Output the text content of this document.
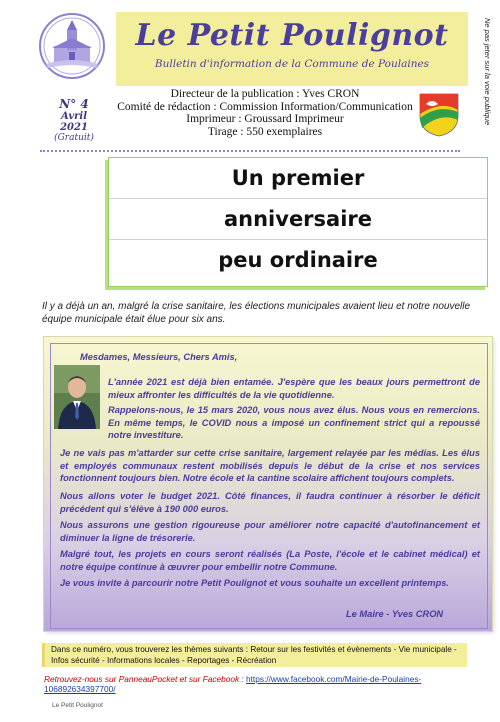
Le Petit Poulignot
Bulletin d'information de la Commune de Poulaines	Ne pas jeter sur la voie publique
N° 4
Avril 2021
(Gratuit)
Directeur de la publication : Yves CRON
Comité de rédaction : Commission Information/Communication
Imprimeur : Groussard Imprimeur
Tirage : 550 exemplaires
Un premier
anniversaire
peu ordinaire
Il y a déjà un an, malgré la crise sanitaire, les élections municipales avaient lieu et notre nouvelle équipe municipale était élue pour six ans.
Mesdames, Messieurs, Chers Amis,
L'année 2021 est déjà bien entamée. J'espère que les beaux jours permettront de mieux affronter les difficultés de la vie quotidienne.
Rappelons-nous, le 15 mars 2020, vous nous avez élus. Nous vous en remercions. En même temps, le COVID nous a imposé un confinement strict qui a repoussé notre investiture.
Je ne vais pas m'attarder sur cette crise sanitaire, largement relayée par les médias. Les élus et employés communaux restent mobilisés depuis le début de la crise et nos services fonctionnent toujours bien. Notre école et la cantine scolaire affichent toujours complets.
Nous allons voter le budget 2021. Côté finances, il faudra continuer à résorber le déficit précédent qui s'élève à 190 000 euros.
Nous assurons une gestion rigoureuse pour améliorer notre capacité d'autofinancement et diminuer la ligne de trésorerie.
Malgré tout, les projets en cours seront réalisés (La Poste, l'école et le cabinet médical) et notre équipe continue à œuvrer pour embellir notre Commune.
Je vous invite à parcourir notre Petit Poulignot et vous souhaite un excellent printemps.
Le Maire - Yves CRON
Dans ce numéro, vous trouverez les thèmes suivants : Retour sur les festivités et évènements - Vie municipale - Infos sécurité - Informations locales - Reportages - Récréation
Retrouvez-nous sur PanneauPocket et sur Facebook : https://www.facebook.com/Mairie-de-Poulaines-106892634397700/
Le Petit Poulignot
